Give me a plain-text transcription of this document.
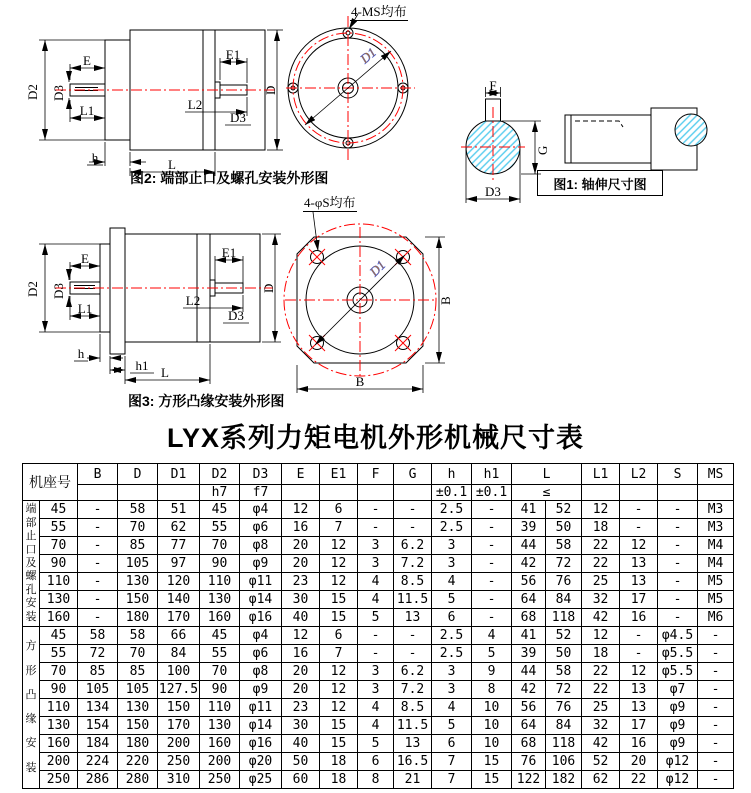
D2 D3
E
L1
E1
L2
D3
D
h	L
D1
4-MS均布
图2: 端部止口及螺孔安装外形图
F
G
D3	图1: 轴伸尺寸图
D2 D3
E
L1
E1
L2
D3
D
h
h1 L
D1
B
B
4-φS均布
图3: 方形凸缘安装外形图
LYX系列力矩电机外形机械尺寸表
机座号		B	D	D1	D2	D3	E	E1	F	G	h	h1	L		L1	L2	S	MS
					h7	f7					±0.1	±0.1	≤					

端
部
止
口
及
螺
孔
安
装
	45	-	58	51	45	φ4	12	6	-	-	2.5	-	41	52	12	-	-	M3
	55	-	70	62	55	φ6	16	7	-	-	2.5	-	39	50	18	-	-	M3
	70	-	85	77	70	φ8	20	12	3	6.2	3	-	44	58	22	12	-	M4
	90	-	105	97	90	φ9	20	12	3	7.2	3	-	42	72	22	13	-	M4
	110	-	130	120	110	φ11	23	12	4	8.5	4	-	56	76	25	13	-	M5
	130	-	150	140	130	φ14	30	15	4	11.5	5	-	64	84	32	17	-	M5
	160	-	180	170	160	φ16	40	15	5	13	6	-	68	118	42	16	-	M6

方
形
凸
缘
安
装
	45	58	58	66	45	φ4	12	6	-	-	2.5	4	41	52	12	-	φ4.5	-
	55	72	70	84	55	φ6	16	7	-	-	2.5	5	39	50	18	-	φ5.5	-
	70	85	85	100	70	φ8	20	12	3	6.2	3	9	44	58	22	12	φ5.5	-
	90	105	105	127.5	90	φ9	20	12	3	7.2	3	8	42	72	22	13	φ7	-
	110	134	130	150	110	φ11	23	12	4	8.5	4	10	56	76	25	13	φ9	-
	130	154	150	170	130	φ14	30	15	4	11.5	5	10	64	84	32	17	φ9	-
	160	184	180	200	160	φ16	40	15	5	13	6	10	68	118	42	16	φ9	-
	200	224	220	250	200	φ20	50	18	6	16.5	7	15	76	106	52	20	φ12	-
	250	286	280	310	250	φ25	60	18	8	21	7	15	122	182	62	22	φ12	-
